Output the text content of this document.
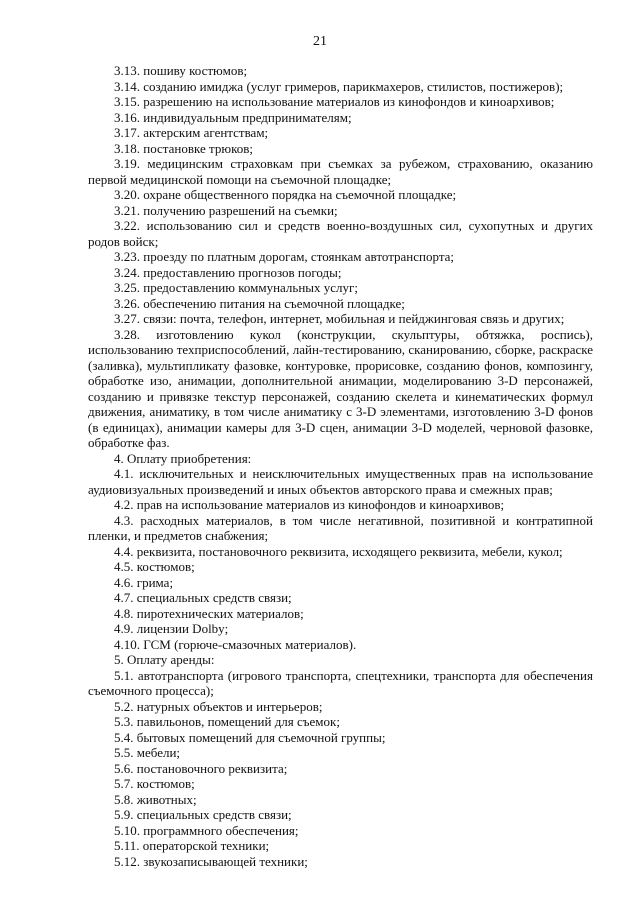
21

3.13. пошиву костюмов;

3.14. созданию имиджа (услуг гримеров, парикмахеров, стилистов, постижеров);

3.15. разрешению на использование материалов из кинофондов и киноархивов;

3.16. индивидуальным предпринимателям;

3.17. актерским агентствам;

3.18. постановке трюков;

3.19. медицинским страховкам при съемках за рубежом, страхованию, оказанию первой медицинской помощи на съемочной площадке;

3.20. охране общественного порядка на съемочной площадке;

3.21. получению разрешений на съемки;

3.22. использованию сил и средств военно-воздушных сил, сухопутных и других родов войск;

3.23. проезду по платным дорогам, стоянкам автотранспорта;

3.24. предоставлению прогнозов погоды;

3.25. предоставлению коммунальных услуг;

3.26. обеспечению питания на съемочной площадке;

3.27. связи: почта, телефон, интернет, мобильная и пейджинговая связь и других;

3.28. изготовлению кукол (конструкции, скульптуры, обтяжка, роспись), использованию техприспособлений, лайн-тестированию, сканированию, сборке, раскраске (заливка), мультипликату фазовке, контуровке, прорисовке, созданию фонов, композингу, обработке изо, анимации, дополнительной анимации, моделированию 3-D персонажей, созданию и привязке текстур персонажей, созданию скелета и кинематических формул движения, аниматику, в том числе аниматику с 3-D элементами, изготовлению 3-D фонов (в единицах), анимации камеры для 3-D сцен, анимации 3-D моделей, черновой фазовке, обработке фаз.

4. Оплату приобретения:

4.1. исключительных и неисключительных имущественных прав на использование аудиовизуальных произведений и иных объектов авторского права и смежных прав;

4.2. прав на использование материалов из кинофондов и киноархивов;

4.3. расходных материалов, в том числе негативной, позитивной и контратипной пленки, и предметов снабжения;

4.4. реквизита, постановочного реквизита, исходящего реквизита, мебели, кукол;

4.5. костюмов;

4.6. грима;

4.7. специальных средств связи;

4.8. пиротехнических материалов;

4.9. лицензии Dolby;

4.10. ГСМ (горюче-смазочных материалов).

5. Оплату аренды:

5.1. автотранспорта (игрового транспорта, спецтехники, транспорта для обеспечения съемочного процесса);

5.2. натурных объектов и интерьеров;

5.3. павильонов, помещений для съемок;

5.4. бытовых помещений для съемочной группы;

5.5. мебели;

5.6. постановочного реквизита;

5.7. костюмов;

5.8. животных;

5.9. специальных средств связи;

5.10. программного обеспечения;

5.11. операторской техники;

5.12. звукозаписывающей техники;
